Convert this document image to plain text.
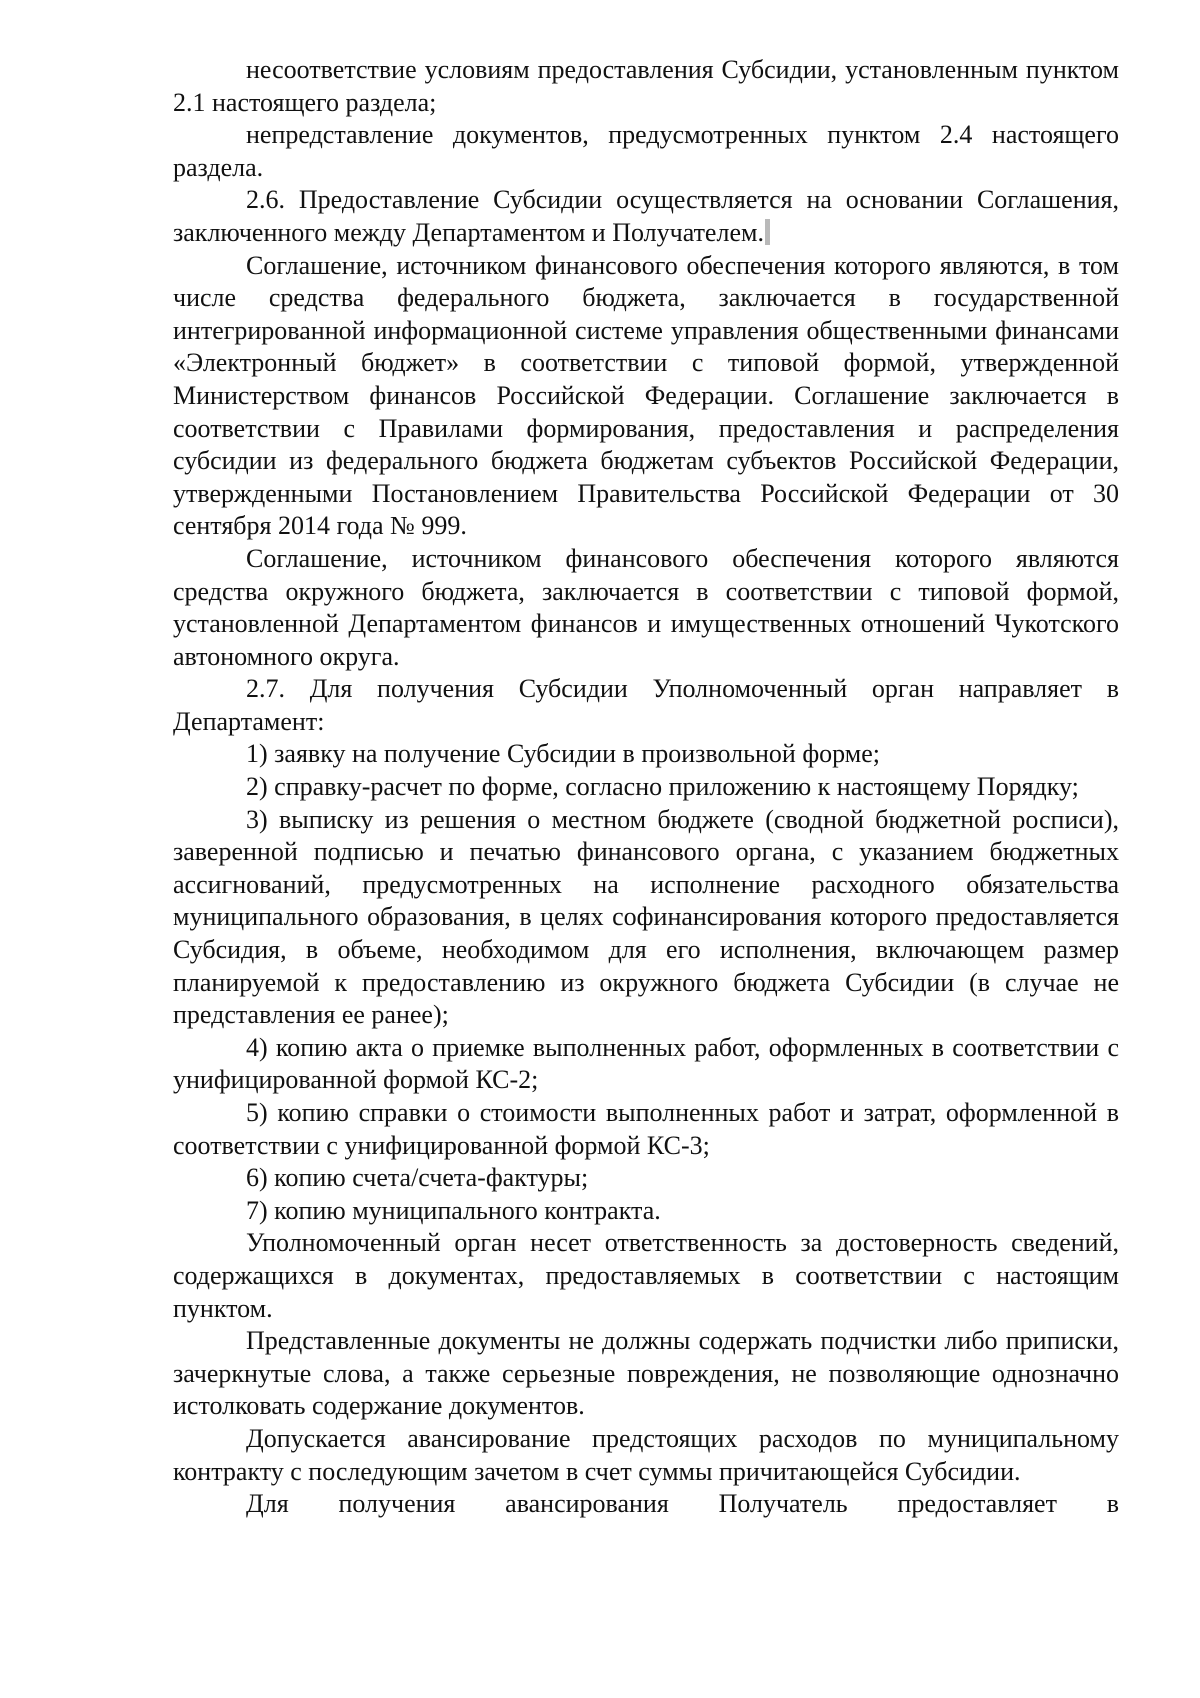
несоответствие условиям предоставления Субсидии, установленным пунктом 2.1 настоящего раздела;

непредставление документов, предусмотренных пунктом 2.4 настоящего раздела.

2.6. Предоставление Субсидии осуществляется на основании Соглашения, заключенного между Департаментом и Получателем.

Соглашение, источником финансового обеспечения которого являются, в том числе средства федерального бюджета, заключается в государственной интегрированной информационной системе управления общественными финансами «Электронный бюджет» в соответствии с типовой формой, утвержденной Министерством финансов Российской Федерации. Соглашение заключается в соответствии с Правилами формирования, предоставления и распределения субсидии из федерального бюджета бюджетам субъектов Российской Федерации, утвержденными Постановлением Правительства Российской Федерации от 30 сентября 2014 года № 999.

Соглашение, источником финансового обеспечения которого являются средства окружного бюджета, заключается в соответствии с типовой формой, установленной Департаментом финансов и имущественных отношений Чукотского автономного округа.

2.7. Для получения Субсидии Уполномоченный орган направляет в Департамент:

1) заявку на получение Субсидии в произвольной форме;

2) справку-расчет по форме, согласно приложению к настоящему Порядку;

3) выписку из решения о местном бюджете (сводной бюджетной росписи), заверенной подписью и печатью финансового органа, с указанием бюджетных ассигнований, предусмотренных на исполнение расходного обязательства муниципального образования, в целях софинансирования которого предоставляется Субсидия, в объеме, необходимом для его исполнения, включающем размер планируемой к предоставлению из окружного бюджета Субсидии (в случае не представления ее ранее);

4) копию акта о приемке выполненных работ, оформленных в соответствии с унифицированной формой КС-2;

5) копию справки о стоимости выполненных работ и затрат, оформленной в соответствии с унифицированной формой КС-3;

6) копию счета/счета-фактуры;

7) копию муниципального контракта.

Уполномоченный орган несет ответственность за достоверность сведений, содержащихся в документах, предоставляемых в соответствии с настоящим пунктом.

Представленные документы не должны содержать подчистки либо приписки, зачеркнутые слова, а также серьезные повреждения, не позволяющие однозначно истолковать содержание документов.

Допускается авансирование предстоящих расходов по муниципальному контракту с последующим зачетом в счет суммы причитающейся Субсидии.

Для получения авансирования Получатель предоставляет в
